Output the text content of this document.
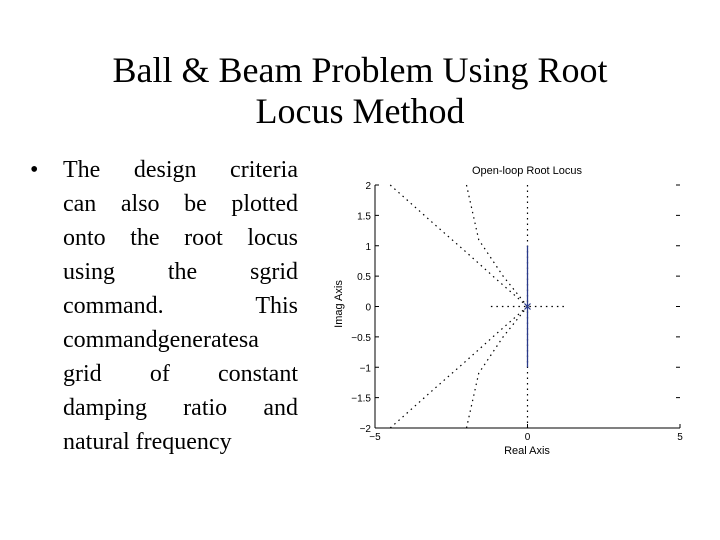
Ball & Beam Problem Using Root
Locus Method
• The design criteria
can also be plotted
onto the root locus
using the sgrid
command.	This
commandgeneratesa
grid of constant
damping ratio and
natural frequency
Open-loop Root Locus
2
1.5
1
0.5
0
−0.5
−1
−1.5
−2
−5	0	5
Real Axis
Imag Axis
